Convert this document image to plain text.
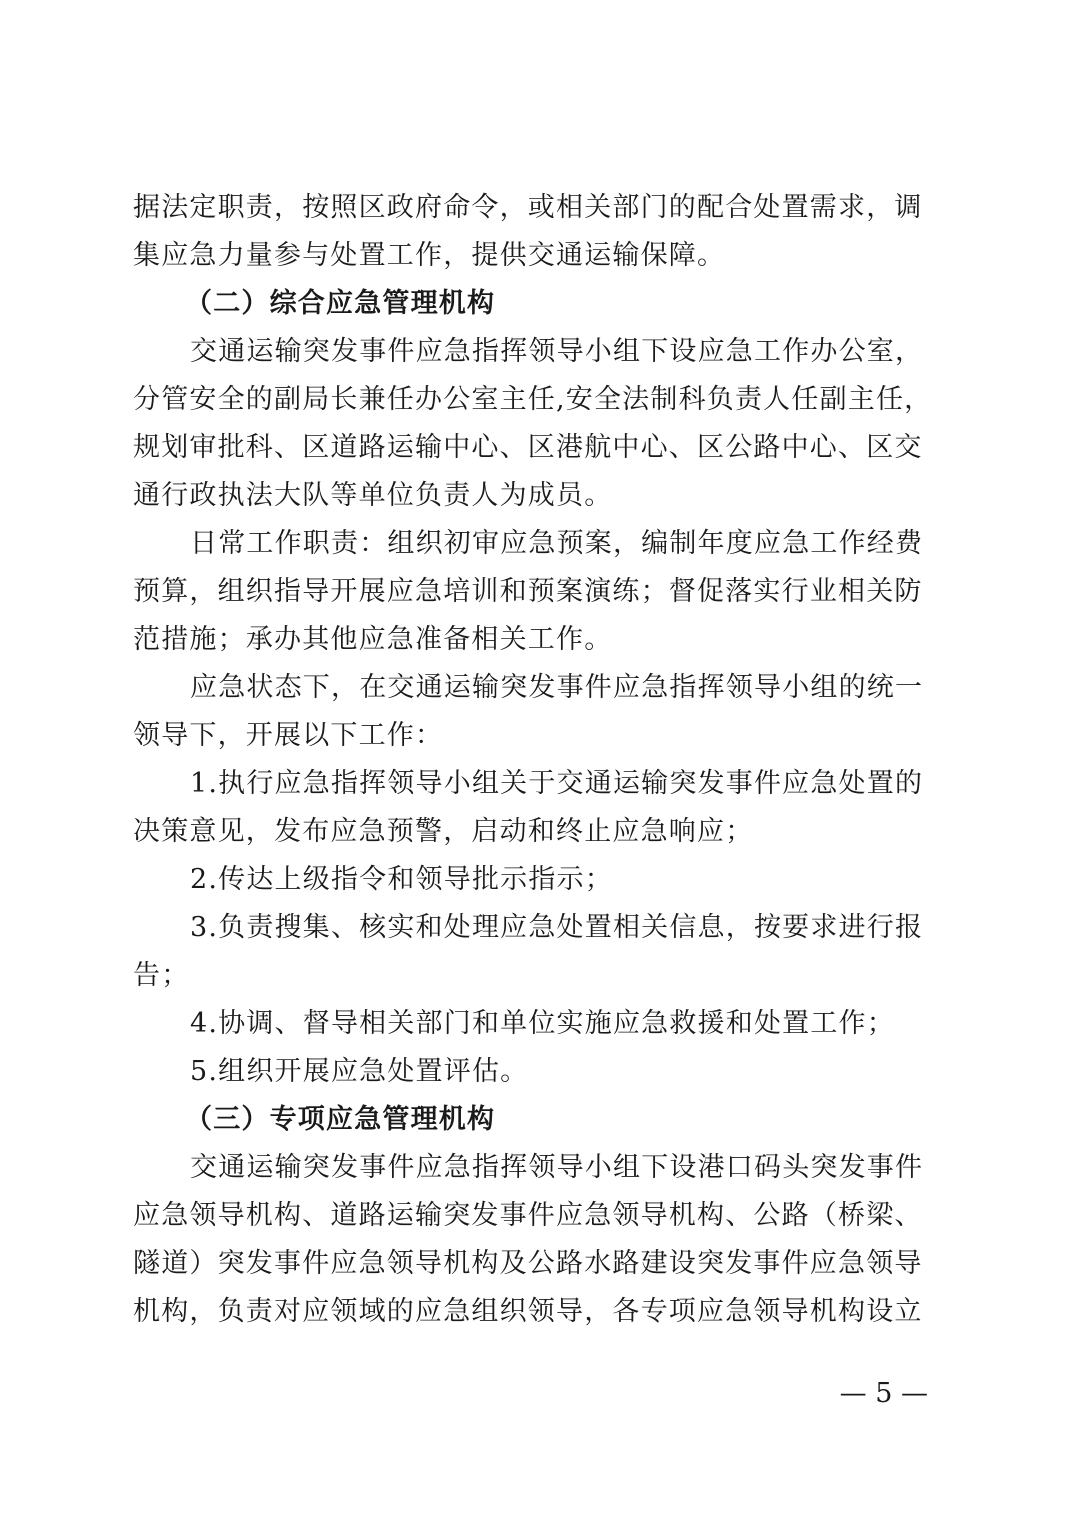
据法定职责，按照区政府命令，或相关部门的配合处置需求，调
集应急力量参与处置工作，提供交通运输保障。
（二）综合应急管理机构
交通运输突发事件应急指挥领导小组下设应急工作办公室，
分管安全的副局长兼任办公室主任,安全法制科负责人任副主任，
规划审批科、区道路运输中心、区港航中心、区公路中心、区交
通行政执法大队等单位负责人为成员。
日常工作职责：组织初审应急预案，编制年度应急工作经费
预算，组织指导开展应急培训和预案演练；督促落实行业相关防
范措施；承办其他应急准备相关工作。
应急状态下，在交通运输突发事件应急指挥领导小组的统一
领导下，开展以下工作：
1.执行应急指挥领导小组关于交通运输突发事件应急处置的
决策意见，发布应急预警，启动和终止应急响应；
2.传达上级指令和领导批示指示；
3.负责搜集、核实和处理应急处置相关信息，按要求进行报
告；
4.协调、督导相关部门和单位实施应急救援和处置工作；
5.组织开展应急处置评估。
（三）专项应急管理机构
交通运输突发事件应急指挥领导小组下设港口码头突发事件
应急领导机构、道路运输突发事件应急领导机构、公路（桥梁、
隧道）突发事件应急领导机构及公路水路建设突发事件应急领导
机构，负责对应领域的应急组织领导，各专项应急领导机构设立
— 5 —
